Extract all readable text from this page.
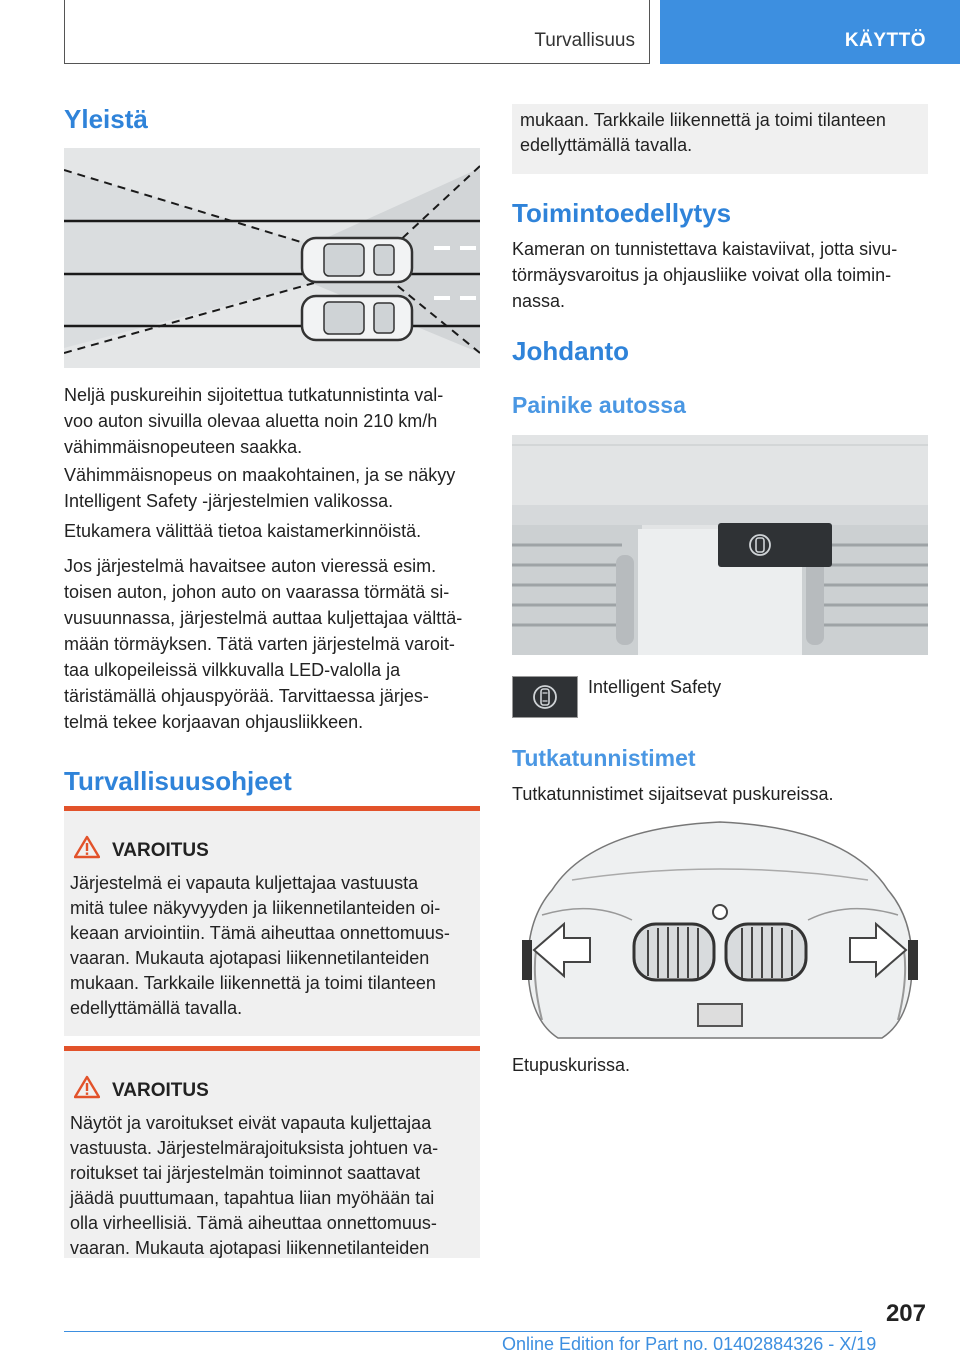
Turvallisuus	KÄYTTÖ
Yleistä

Neljä puskureihin sijoitettua tutkatunnistinta val-
voo auton sivuilla olevaa aluetta noin 210 km/h
vähimmäisnopeuteen saakka.

Vähimmäisnopeus on maakohtainen, ja se näkyy
Intelligent Safety -järjestelmien valikossa.

Etukamera välittää tietoa kaistamerkinnöistä.

Jos järjestelmä havaitsee auton vieressä esim.
toisen auton, johon auto on vaarassa törmätä si-
vusuunnassa, järjestelmä auttaa kuljettajaa välttä-
mään törmäyksen. Tätä varten järjestelmä varoit-
taa ulkopeileissä vilkkuvalla LED-valolla ja
täristämällä ohjauspyörää. Tarvittaessa järjes-
telmä tekee korjaavan ohjausliikkeen.

Turvallisuusohjeet
VAROITUS
Järjestelmä ei vapauta kuljettajaa vastuusta
mitä tulee näkyvyyden ja liikennetilanteiden oi-
keaan arviointiin. Tämä aiheuttaa onnettomuus-
vaaran. Mukauta ajotapasi liikennetilanteiden
mukaan. Tarkkaile liikennettä ja toimi tilanteen
edellyttämällä tavalla.
VAROITUS
Näytöt ja varoitukset eivät vapauta kuljettajaa
vastuusta. Järjestelmärajoituksista johtuen va-
roitukset tai järjestelmän toiminnot saattavat
jäädä puuttumaan, tapahtua liian myöhään tai
olla virheellisiä. Tämä aiheuttaa onnettomuus-
vaaran. Mukauta ajotapasi liikennetilanteiden
mukaan. Tarkkaile liikennettä ja toimi tilanteen
edellyttämällä tavalla.
Toimintoedellytys

Kameran on tunnistettava kaistaviivat, jotta sivu-
törmäysvaroitus ja ohjausliike voivat olla toimin-
nassa.

Johdanto
Painike autossa

Intelligent Safety

Tutkatunnistimet

Tutkatunnistimet sijaitsevat puskureissa.

Etupuskurissa.

207
Online Edition for Part no. 01402884326 - X/19
